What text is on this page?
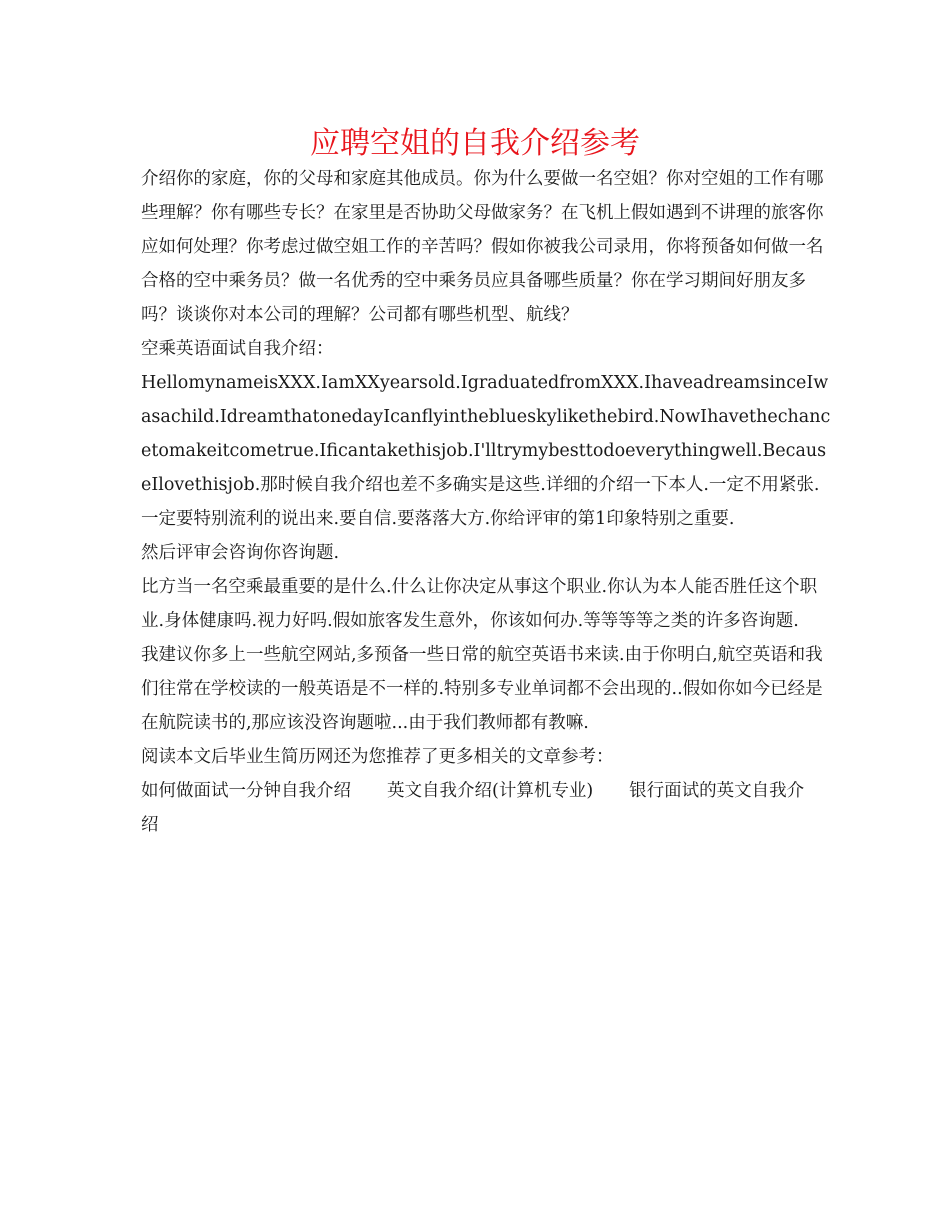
应聘空姐的自我介绍参考

介绍你的家庭，你的父母和家庭其他成员。你为什么要做一名空姐？你对空姐的工作有哪些理解？你有哪些专长？在家里是否协助父母做家务？在飞机上假如遇到不讲理的旅客你应如何处理？你考虑过做空姐工作的辛苦吗？假如你被我公司录用，你将预备如何做一名合格的空中乘务员？做一名优秀的空中乘务员应具备哪些质量？你在学习期间好朋友多吗？谈谈你对本公司的理解？公司都有哪些机型、航线？

空乘英语面试自我介绍：

HellomynameisXXX.IamXXyearsold.IgraduatedfromXXX.IhaveadreamsinceIwasachild.IdreamthatonedayIcanflyintheblueskylikethebird.NowIhavethechancetomakeitcometrue.Ificantakethisjob.I'lltrymybesttodoeverythingwell.BecauseIlovethisjob.那时候自我介绍也差不多确实是这些.详细的介绍一下本人.一定不用紧张.一定要特别流利的说出来.要自信.要落落大方.你给评审的第1印象特别之重要.

然后评审会咨询你咨询题.

比方当一名空乘最重要的是什么.什么让你决定从事这个职业.你认为本人能否胜任这个职业.身体健康吗.视力好吗.假如旅客发生意外，你该如何办.等等等等之类的许多咨询题.

我建议你多上一些航空网站,多预备一些日常的航空英语书来读.由于你明白,航空英语和我们往常在学校读的一般英语是不一样的.特别多专业单词都不会出现的..假如你如今已经是在航院读书的,那应该没咨询题啦...由于我们教师都有教嘛.

阅读本文后毕业生简历网还为您推荐了更多相关的文章参考：

如何做面试一分钟自我介绍 英文自我介绍(计算机专业) 银行面试的英文自我介绍
